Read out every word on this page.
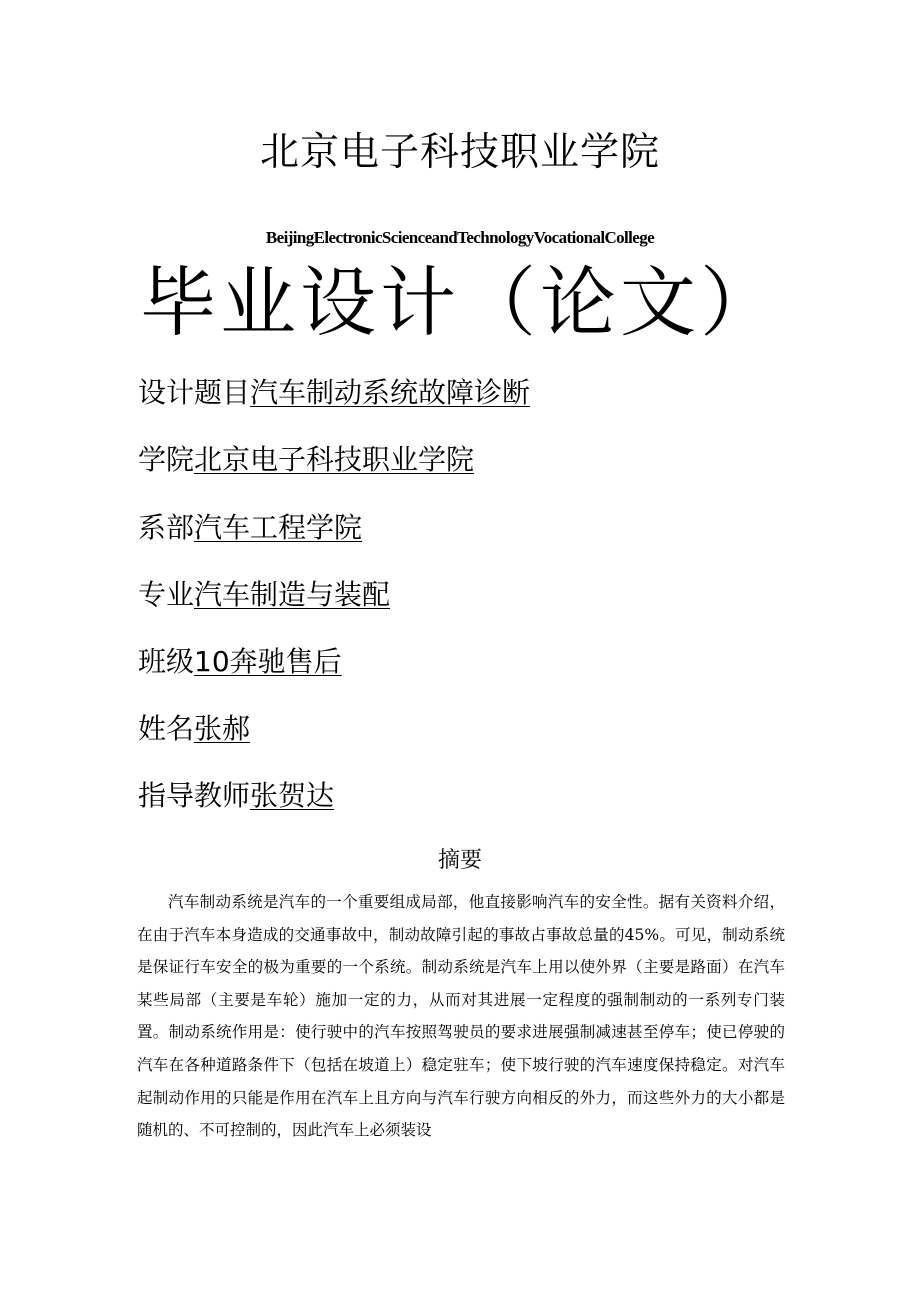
北京电子科技职业学院
BeijingElectronicScienceandTechnologyVocationalCollege
毕业设计（论文）
设计题目汽车制动系统故障诊断
学院北京电子科技职业学院
系部汽车工程学院
专业汽车制造与装配
班级10奔驰售后
姓名张郝
指导教师张贺达
摘要

汽车制动系统是汽车的一个重要组成局部，他直接影响汽车的安全性。据有关资料介绍，在由于汽车本身造成的交通事故中，制动故障引起的事故占事故总量的45%。可见，制动系统是保证行车安全的极为重要的一个系统。制动系统是汽车上用以使外界（主要是路面）在汽车某些局部（主要是车轮）施加一定的力，从而对其进展一定程度的强制制动的一系列专门装置。制动系统作用是：使行驶中的汽车按照驾驶员的要求进展强制减速甚至停车；使已停驶的汽车在各种道路条件下（包括在坡道上）稳定驻车；使下坡行驶的汽车速度保持稳定。对汽车起制动作用的只能是作用在汽车上且方向与汽车行驶方向相反的外力，而这些外力的大小都是随机的、不可控制的，因此汽车上必须装设
